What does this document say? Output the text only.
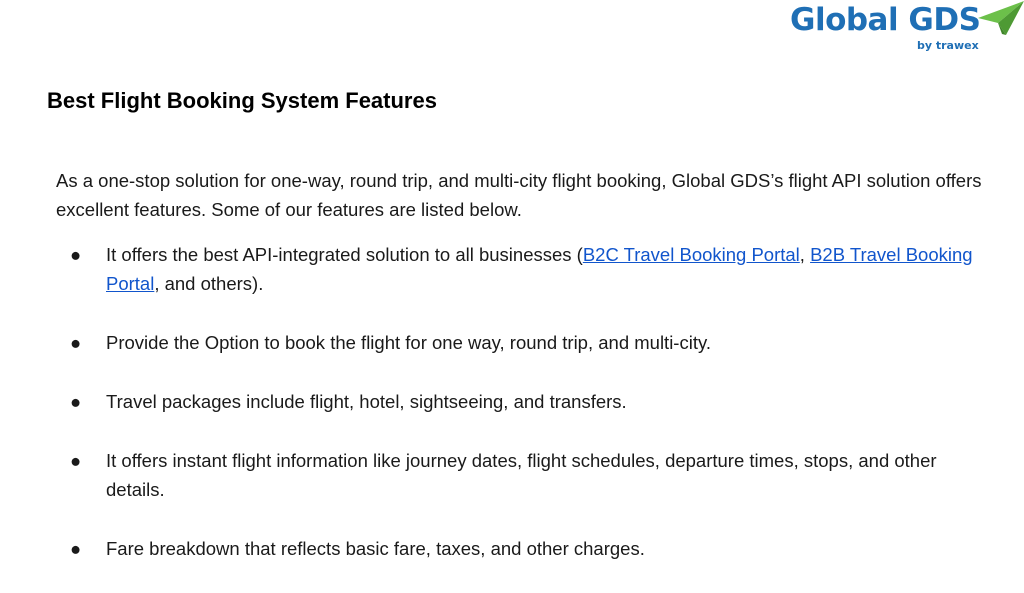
Global GDS
by trawex
Best Flight Booking System Features

As a one-stop solution for one-way, round trip, and multi-city flight booking, Global GDS’s flight API solution offers excellent features. Some of our features are listed below.

● It offers the best API-integrated solution to all businesses (B2C Travel Booking Portal, B2B Travel Booking Portal, and others).
● Provide the Option to book the flight for one way, round trip, and multi-city.
● Travel packages include flight, hotel, sightseeing, and transfers.
● It offers instant flight information like journey dates, flight schedules, departure times, stops, and other details.
● Fare breakdown that reflects basic fare, taxes, and other charges.
